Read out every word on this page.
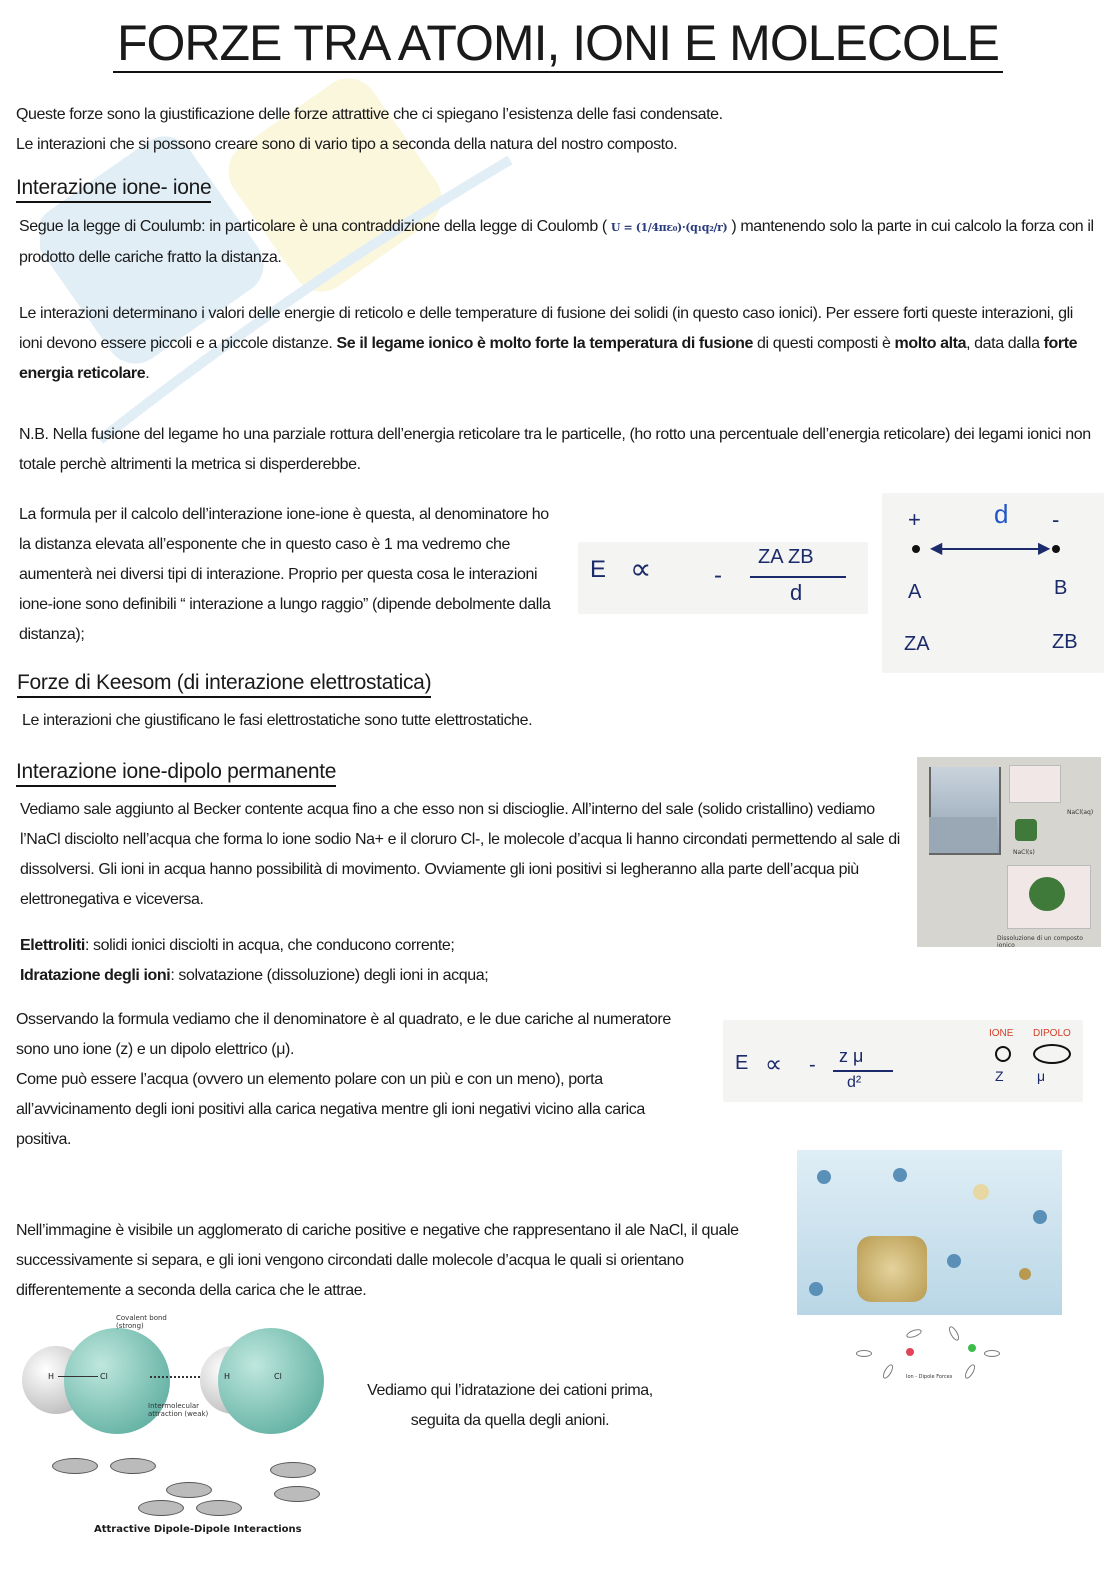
FORZE TRA ATOMI, IONI E MOLECOLE
Queste forze sono la giustificazione delle forze attrattive che ci spiegano l’esistenza delle fasi condensate.
Le interazioni che si possono creare sono di vario tipo a seconda della natura del nostro composto.
Interazione ione- ione
Segue la legge di Coulumb: in particolare è una contraddizione della legge di Coulomb ( U = (1/4πε₀)·(q₁q₂/r) ) mantenendo solo la parte in cui calcolo la forza con il prodotto delle cariche fratto la distanza.
Le interazioni determinano i valori delle energie di reticolo e delle temperature di fusione dei solidi (in questo caso ionici). Per essere forti queste interazioni, gli ioni devono essere piccoli e a piccole distanze. Se il legame ionico è molto forte la temperatura di fusione di questi composti è molto alta, data dalla forte energia reticolare.
N.B. Nella fusione del legame ho una parziale rottura dell’energia reticolare tra le particelle, (ho rotto una percentuale dell’energia reticolare) dei legami ionici non totale perchè altrimenti la metrica si disperderebbe.
La formula per il calcolo dell’interazione ione-ione è questa, al denominatore ho la distanza elevata all’esponente che in questo caso è 1 ma vedremo che aumenterà nei diversi tipi di interazione. Proprio per questa cosa le interazioni ione-ione sono definibili “ interazione a lungo raggio” (dipende debolmente dalla distanza);
E ∝	-
ZA ZB
d
+	d -
◀	▶
A	B
ZA	ZB
Forze di Keesom (di interazione elettrostatica)
Le interazioni che giustificano le fasi elettrostatiche sono tutte elettrostatiche.
Interazione ione-dipolo permanente
Vediamo sale aggiunto al Becker contente acqua fino a che esso non si discioglie. All’interno del sale (solido cristallino) vediamo l’NaCl disciolto nell’acqua che forma lo ione sodio Na+ e il cloruro Cl-, le molecole d’acqua li hanno circondati permettendo al sale di dissolversi. Gli ioni in acqua hanno possibilità di movimento. Ovviamente gli ioni positivi si legheranno alla parte dell’acqua più elettronegativa e viceversa.
Elettroliti: solidi ionici disciolti in acqua, che conducono corrente;
Idratazione degli ioni: solvatazione (dissoluzione) degli ioni in acqua;
NaCl(aq)
NaCl(s)
Dissoluzione di un composto ionico
Osservando la formula vediamo che il denominatore è al quadrato, e le due cariche al numeratore sono uno ione (z) e un dipolo elettrico (μ).
Come può essere l’acqua (ovvero un elemento polare con un più e con un meno), porta all’avvicinamento degli ioni positivi alla carica negativa mentre gli ioni negativi vicino alla carica positiva.
E ∝ - z μ
d²
IONE DIPOLO
Z μ
Ion - Dipole Forces
Nell’immagine è visibile un agglomerato di cariche positive e negative che rappresentano il ale NaCl, il quale successivamente si separa, e gli ioni vengono circondati dalle molecole d’acqua le quali si orientano differentemente a seconda della carica che le attrae.
Vediamo qui l’idratazione dei cationi prima,
seguita da quella degli anioni.
H	Cl	H	Cl
Covalent bond (strong)
Intermolecular attraction (weak)
Attractive Dipole-Dipole Interactions
